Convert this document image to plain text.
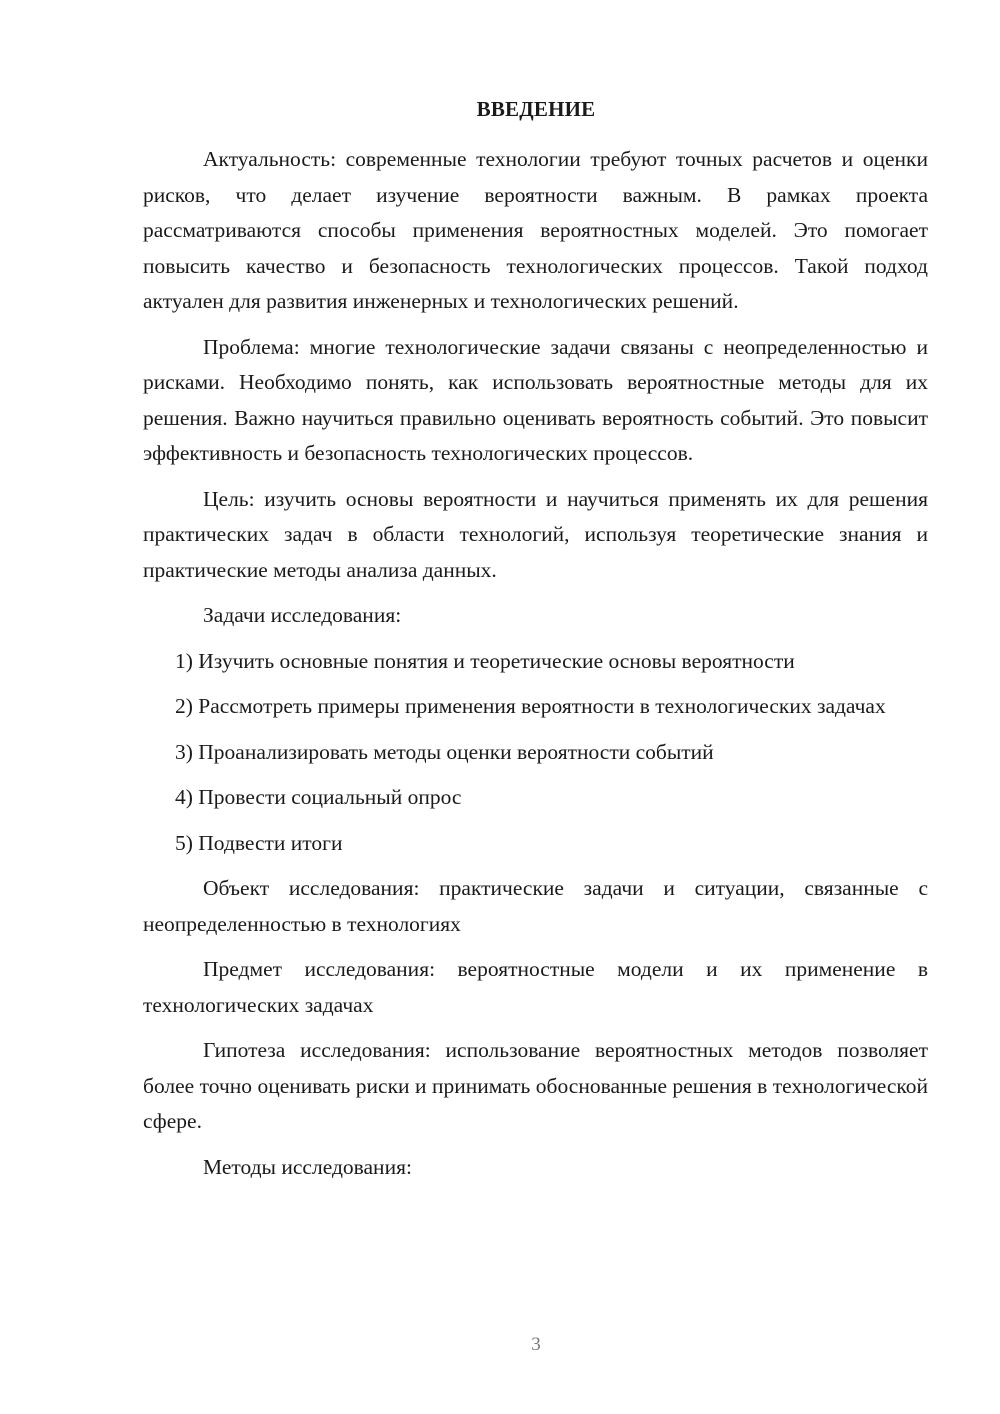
ВВЕДЕНИЕ

Актуальность: современные технологии требуют точных расчетов и оценки рисков, что делает изучение вероятности важным. В рамках проекта рассматриваются способы применения вероятностных моделей. Это помогает повысить качество и безопасность технологических процессов. Такой подход актуален для развития инженерных и технологических решений.

Проблема: многие технологические задачи связаны с неопределенностью и рисками. Необходимо понять, как использовать вероятностные методы для их решения. Важно научиться правильно оценивать вероятность событий. Это повысит эффективность и безопасность технологических процессов.

Цель: изучить основы вероятности и научиться применять их для решения практических задач в области технологий, используя теоретические знания и практические методы анализа данных.

Задачи исследования:

1) Изучить основные понятия и теоретические основы вероятности

2) Рассмотреть примеры применения вероятности в технологических задачах

3) Проанализировать методы оценки вероятности событий

4) Провести социальный опрос

5) Подвести итоги

Объект исследования: практические задачи и ситуации, связанные с неопределенностью в технологиях

Предмет исследования: вероятностные модели и их применение в технологических задачах

Гипотеза исследования: использование вероятностных методов позволяет более точно оценивать риски и принимать обоснованные решения в технологической сфере.

Методы исследования:

3
